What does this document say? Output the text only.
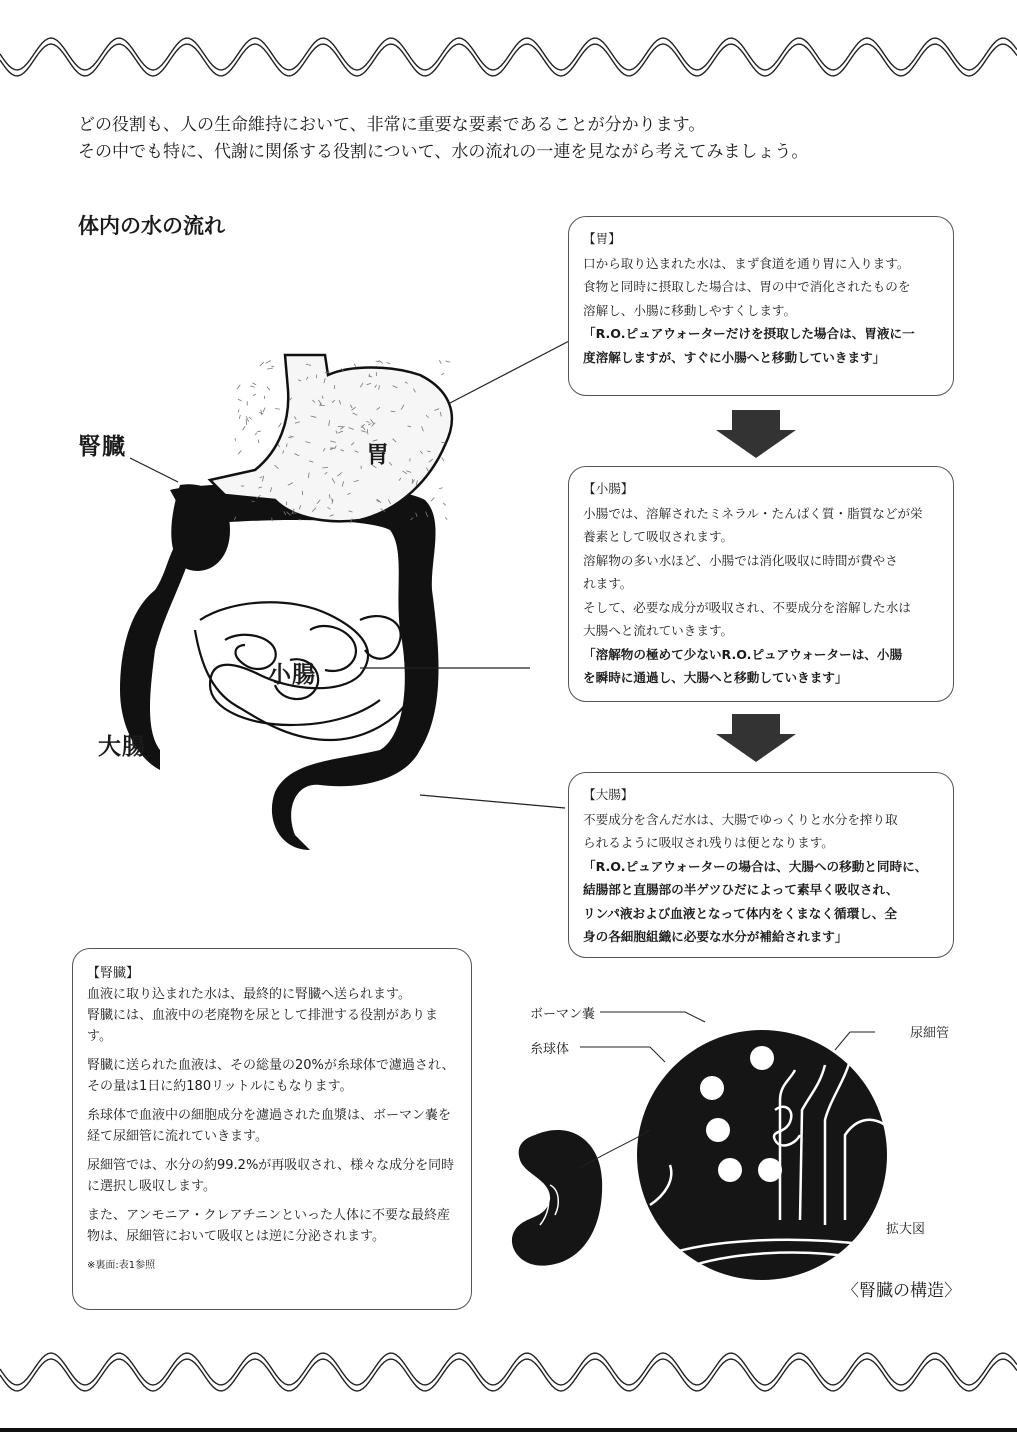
どの役割も、人の生命維持において、非常に重要な要素であることが分かります。

その中でも特に、代謝に関係する役割について、水の流れの一連を見ながら考えてみましょう。

体内の水の流れ
腎臓	胃
小腸
大腸

【胃】

口から取り込まれた水は、まず食道を通り胃に入ります。

食物と同時に摂取した場合は、胃の中で消化されたものを

溶解し、小腸に移動しやすくします。

「R.O.ピュアウォーターだけを摂取した場合は、胃液に一

度溶解しますが、すぐに小腸へと移動していきます」

【小腸】

小腸では、溶解されたミネラル・たんぱく質・脂質などが栄

養素として吸収されます。

溶解物の多い水ほど、小腸では消化吸収に時間が費やさ

れます。

そして、必要な成分が吸収され、不要成分を溶解した水は

大腸へと流れていきます。

「溶解物の極めて少ないR.O.ピュアウォーターは、小腸

を瞬時に通過し、大腸へと移動していきます」

【大腸】

不要成分を含んだ水は、大腸でゆっくりと水分を搾り取

られるように吸収され残りは便となります。

「R.O.ピュアウォーターの場合は、大腸への移動と同時に、

結腸部と直腸部の半ゲツひだによって素早く吸収され、

リンパ液および血液となって体内をくまなく循環し、全

身の各細胞組織に必要な水分が補給されます」

【腎臓】

血液に取り込まれた水は、最終的に腎臓へ送られます。
腎臓には、血液中の老廃物を尿として排泄する役割があります。

腎臓に送られた血液は、その総量の20%が糸球体で濾過され、
その量は1日に約180リットルにもなります。

糸球体で血液中の細胞成分を濾過された血漿は、ボーマン嚢を
経て尿細管に流れていきます。

尿細管では、水分の約99.2%が再吸収され、様々な成分を同時
に選択し吸収します。

また、アンモニア・クレアチニンといった人体に不要な最終産
物は、尿細管において吸収とは逆に分泌されます。

※裏面:表1参照

ボーマン嚢
糸球体
尿細管
拡大図
〈腎臓の構造〉
